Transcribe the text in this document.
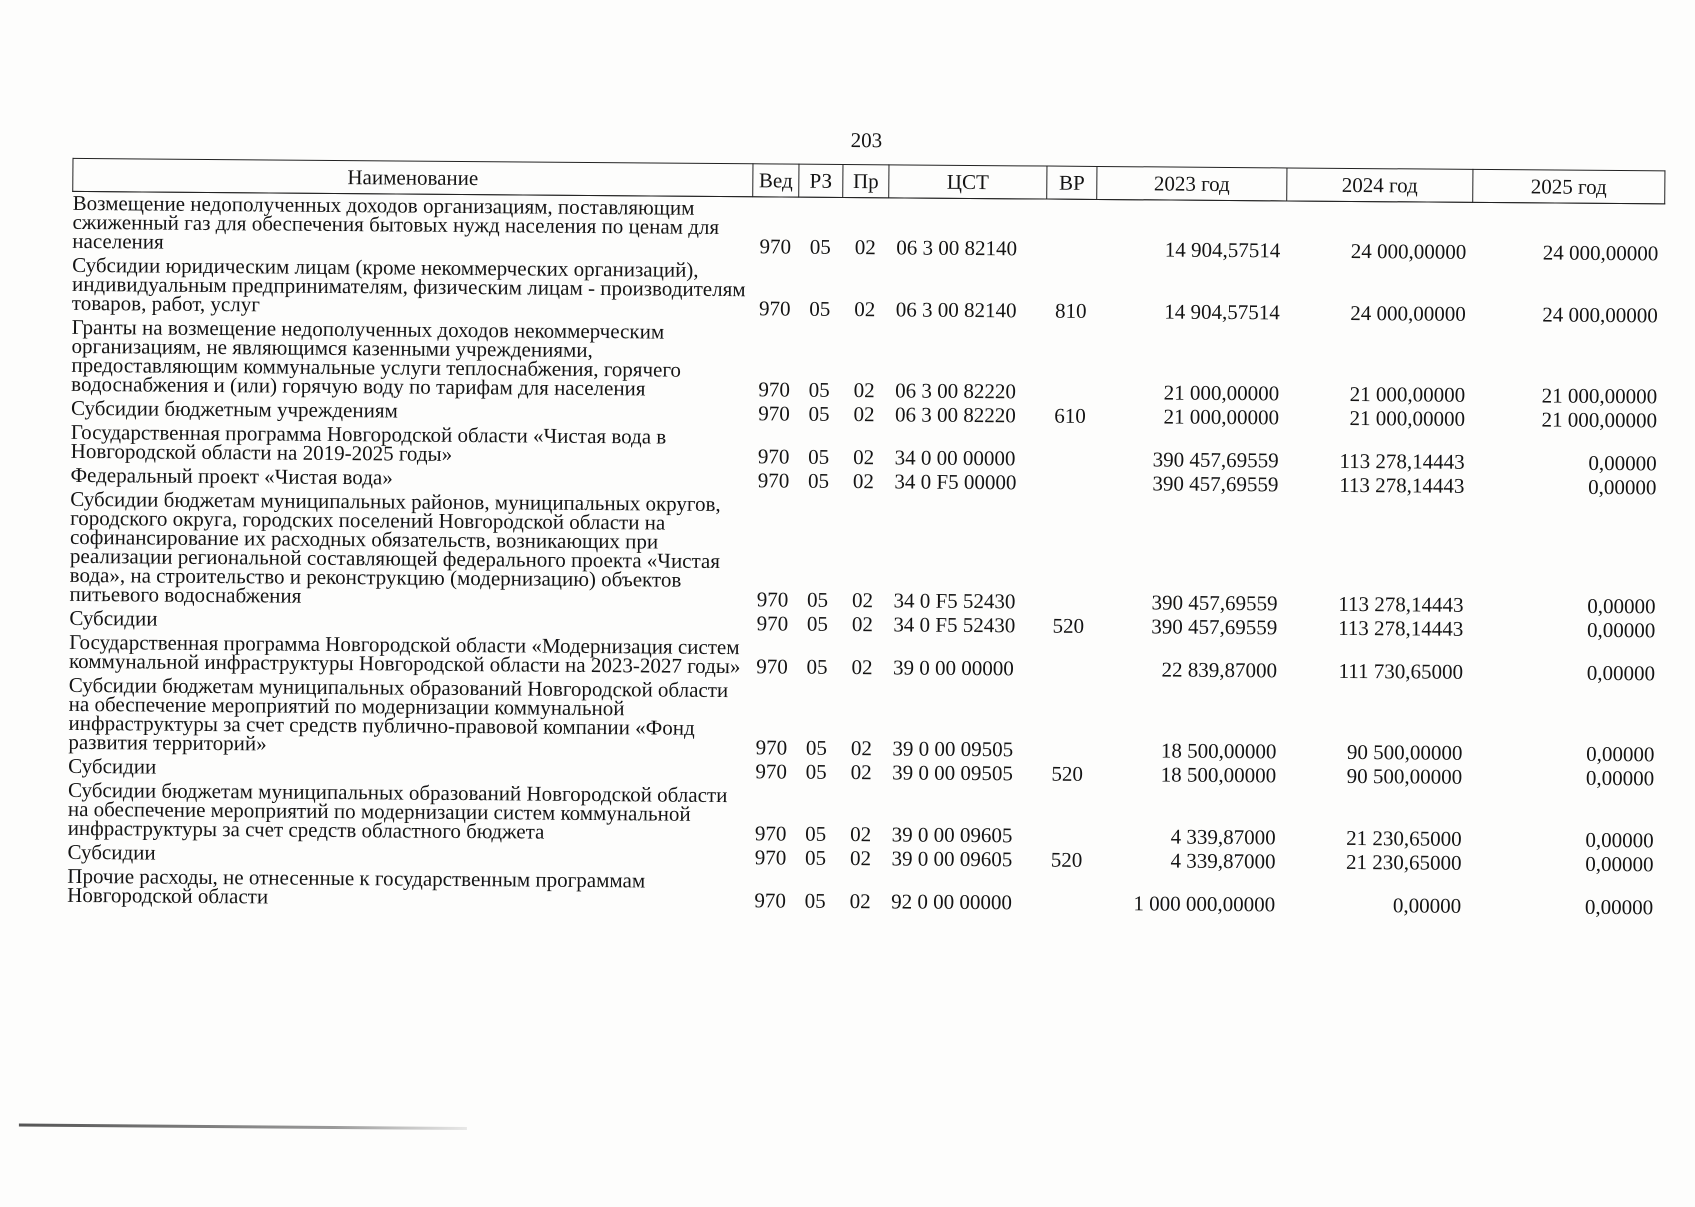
203
Наименование	Вед	РЗ	Пр	ЦСТ	ВР	2023 год	2024 год	2025 год
Возмещение недополученных доходов организациям, поставляющим сжиженный газ для обеспечения бытовых нужд населения по ценам для населения	970	05	02	06 3 00 82140		14 904,57514	24 000,00000	24 000,00000
Субсидии юридическим лицам (кроме некоммерческих организаций), индивидуальным предпринимателям, физическим лицам - производителям товаров, работ, услуг	970	05	02	06 3 00 82140	810	14 904,57514	24 000,00000	24 000,00000
Гранты на возмещение недополученных доходов некоммерческим организациям, не являющимся казенными учреждениями, предоставляющим коммунальные услуги теплоснабжения, горячего водоснабжения и (или) горячую воду по тарифам для населения	970	05	02	06 3 00 82220		21 000,00000	21 000,00000	21 000,00000
Субсидии бюджетным учреждениям	970	05	02	06 3 00 82220	610	21 000,00000	21 000,00000	21 000,00000
Государственная программа Новгородской области «Чистая вода в Новгородской области на 2019-2025 годы»	970	05	02	34 0 00 00000		390 457,69559	113 278,14443	0,00000
Федеральный проект «Чистая вода»	970	05	02	34 0 F5 00000		390 457,69559	113 278,14443	0,00000
Субсидии бюджетам муниципальных районов, муниципальных округов, городского округа, городских поселений Новгородской области на софинансирование их расходных обязательств, возникающих при реализации региональной составляющей федерального проекта «Чистая вода», на строительство и реконструкцию (модернизацию) объектов питьевого водоснабжения	970	05	02	34 0 F5 52430		390 457,69559	113 278,14443	0,00000
Субсидии	970	05	02	34 0 F5 52430	520	390 457,69559	113 278,14443	0,00000
Государственная программа Новгородской области «Модернизация систем коммунальной инфраструктуры Новгородской области на 2023-2027 годы»	970	05	02	39 0 00 00000		22 839,87000	111 730,65000	0,00000
Субсидии бюджетам муниципальных образований Новгородской области на обеспечение мероприятий по модернизации коммунальной инфраструктуры за счет средств публично-правовой компании «Фонд развития территорий»	970	05	02	39 0 00 09505		18 500,00000	90 500,00000	0,00000
Субсидии	970	05	02	39 0 00 09505	520	18 500,00000	90 500,00000	0,00000
Субсидии бюджетам муниципальных образований Новгородской области на обеспечение мероприятий по модернизации систем коммунальной инфраструктуры за счет средств областного бюджета	970	05	02	39 0 00 09605		4 339,87000	21 230,65000	0,00000
Субсидии	970	05	02	39 0 00 09605	520	4 339,87000	21 230,65000	0,00000
Прочие расходы, не отнесенные к государственным программам Новгородской области	970	05	02	92 0 00 00000		1 000 000,00000	0,00000	0,00000
